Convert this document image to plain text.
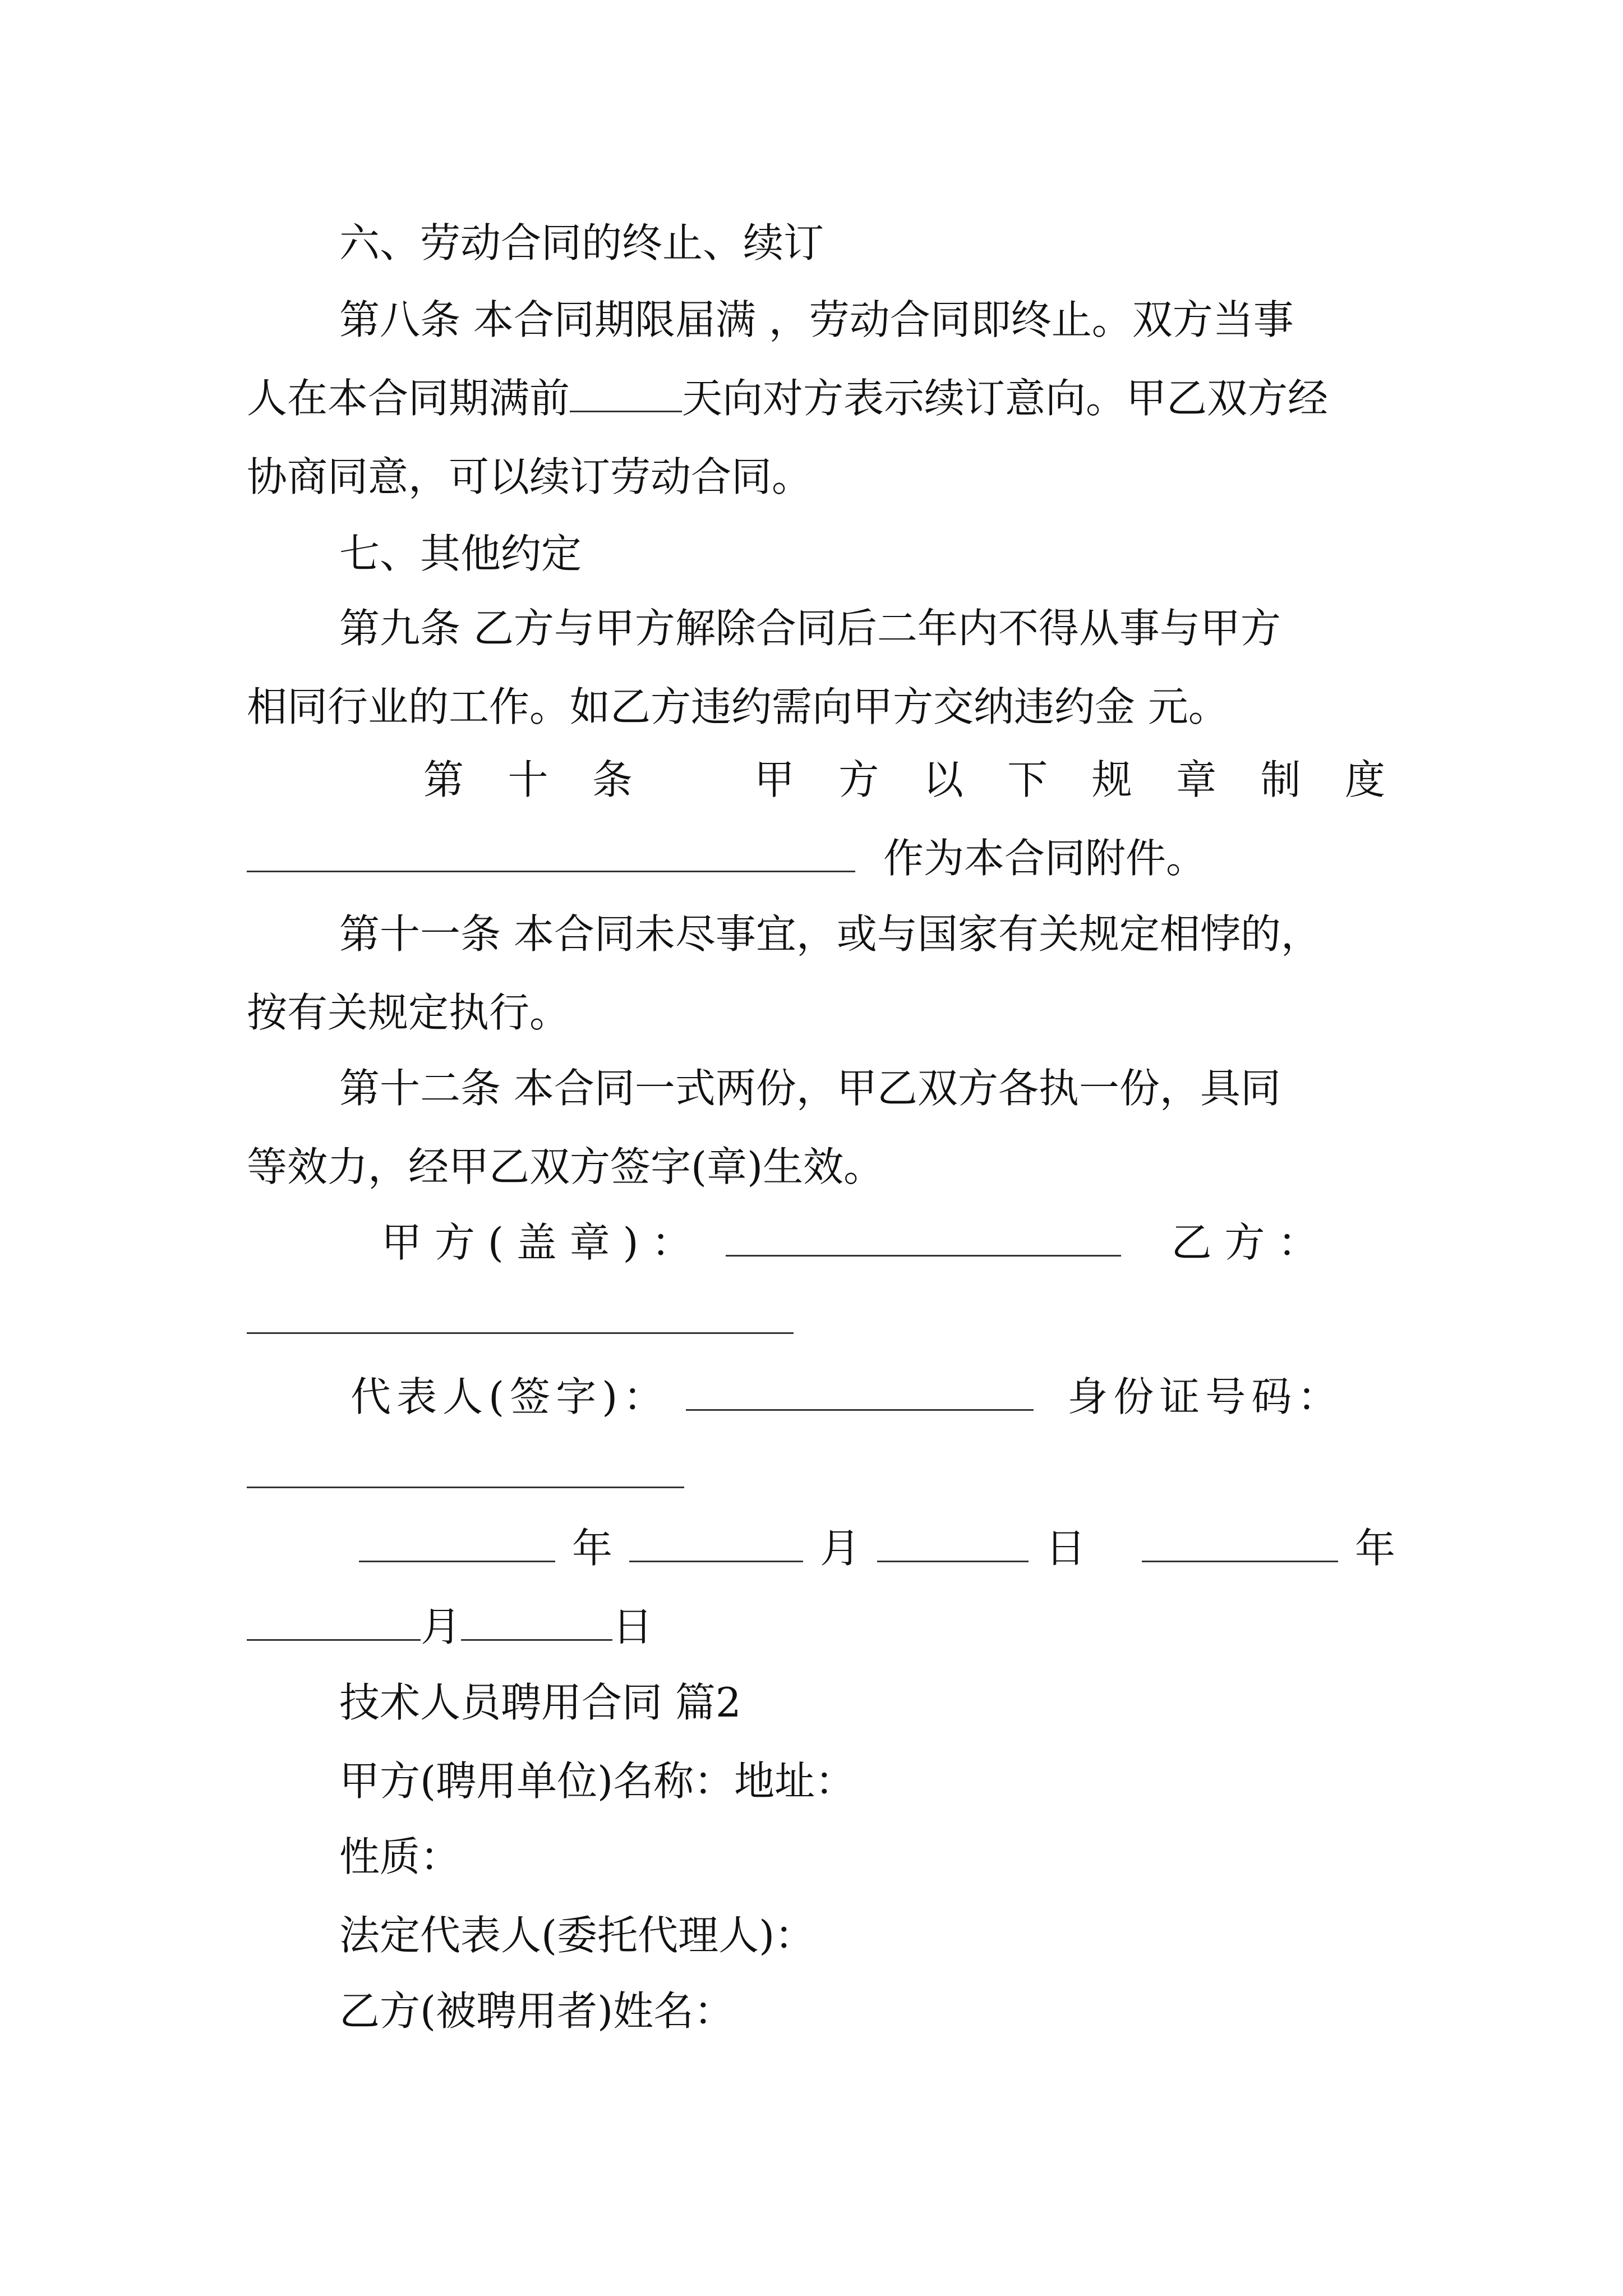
六、劳动合同的终止、续订
第八条 本合同期限届满 ，劳动合同即终止。双方当事
人在本合同期满前	天向对方表示续订意向。甲乙双方经
协商同意，可以续订劳动合同。
七、其他约定
第九条 乙方与甲方解除合同后二年内不得从事与甲方
相同行业的工作。如乙方违约需向甲方交纳违约金 元。
第 十 条	甲 方 以 下 规 章 制 度
作为本合同附件。
第十一条 本合同未尽事宜，或与国家有关规定相悖的，
按有关规定执行。
第十二条 本合同一式两份，甲乙双方各执一份，具同
等效力，经甲乙双方签字(章)生效。
甲 方 ( 盖 章 ) ：	乙 方 ：
代表人(签字)：	身份证号码：
年	月	日	年
月	日
技术人员聘用合同 篇2
甲方(聘用单位)名称：地址：
性质：
法定代表人(委托代理人)：
乙方(被聘用者)姓名：
